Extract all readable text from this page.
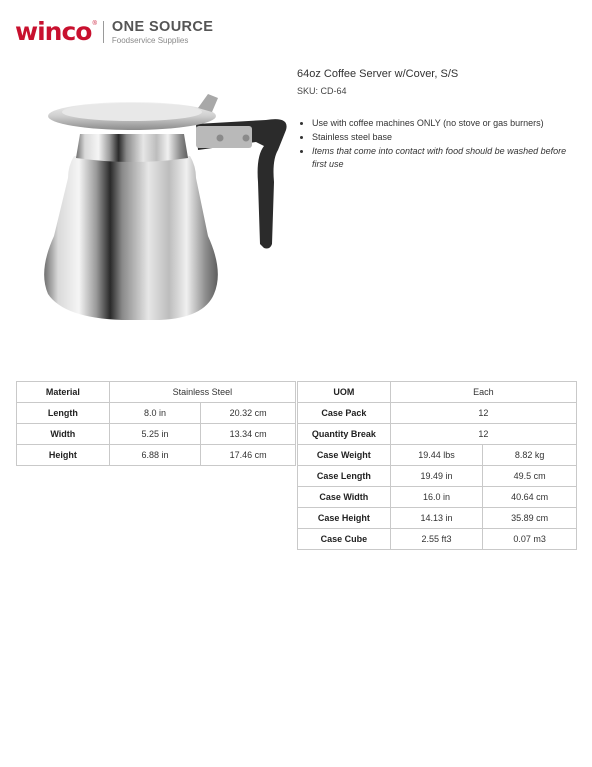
winco ® ONE SOURCE
Foodservice Supplies
64oz Coffee Server w/Cover, S/S
SKU: CD-64
• Use with coffee machines ONLY (no stove or gas burners)
• Stainless steel base
• Items that come into contact with food should be washed before first use
Material	Stainless Steel	
Length	8.0 in	20.32 cm
Width	5.25 in	13.34 cm
Height	6.88 in	17.46 cm
UOM	Each	
Case Pack	12	
Quantity Break	12	
Case Weight	19.44 lbs	8.82 kg
Case Length	19.49 in	49.5 cm
Case Width	16.0 in	40.64 cm
Case Height	14.13 in	35.89 cm
Case Cube	2.55 ft3	0.07 m3
